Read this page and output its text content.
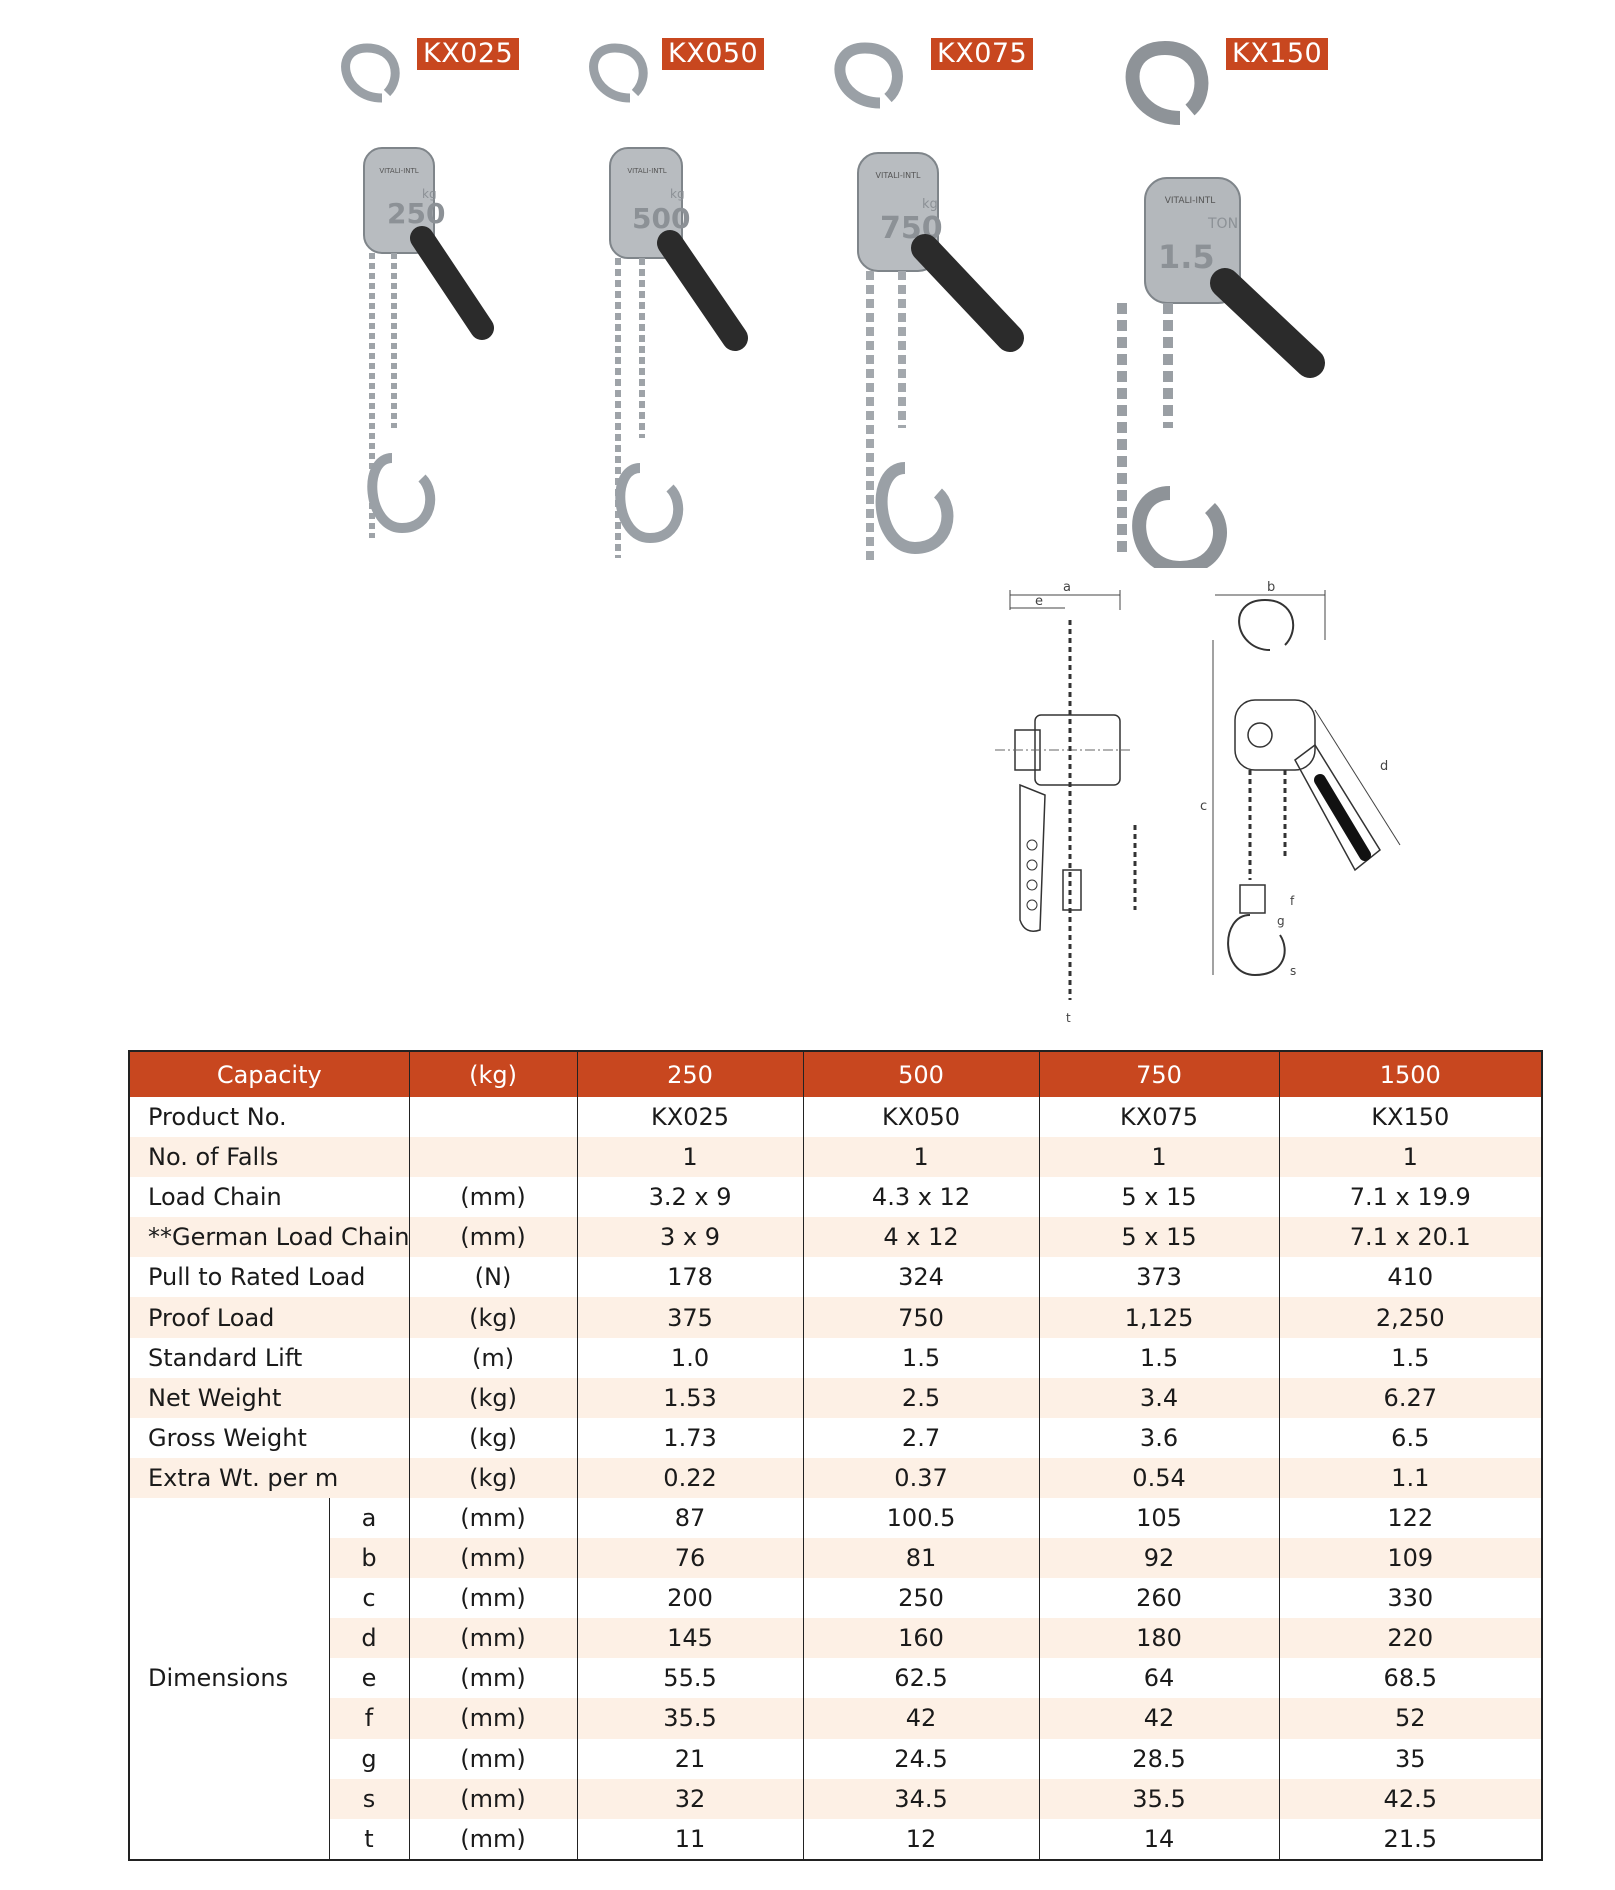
KX025
VITALI-INTL
250
kg
KX050
VITALI-INTL
500
kg
KX075
VITALI-INTL
750
kg
KX150
VITALI-INTL
1.5
TON
a
e
t
b
c
d
f
g
s
Capacity		(kg)	250	500	750	1500
Product No.			KX025	KX050	KX075	KX150
No. of Falls			1	1	1	1
Load Chain		(mm)	3.2 x 9	4.3 x 12	5 x 15	7.1 x 19.9
**German Load Chain		(mm)	3 x 9	4 x 12	5 x 15	7.1 x 20.1
Pull to Rated Load		(N)	178	324	373	410
Proof Load		(kg)	375	750	1,125	2,250
Standard Lift		(m)	1.0	1.5	1.5	1.5
Net Weight		(kg)	1.53	2.5	3.4	6.27
Gross Weight		(kg)	1.73	2.7	3.6	6.5
Extra Wt. per m		(kg)	0.22	0.37	0.54	1.1
Dimensions	a	(mm)	87	100.5	105	122
	b	(mm)	76	81	92	109
	c	(mm)	200	250	260	330
	d	(mm)	145	160	180	220
	e	(mm)	55.5	62.5	64	68.5
	f	(mm)	35.5	42	42	52
	g	(mm)	21	24.5	28.5	35
	s	(mm)	32	34.5	35.5	42.5
	t	(mm)	11	12	14	21.5
